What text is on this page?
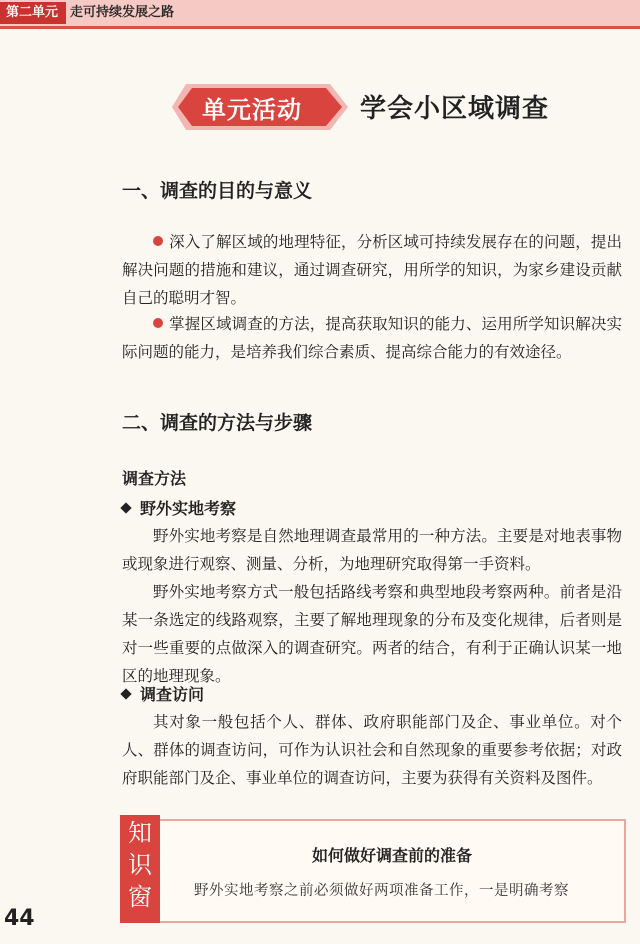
第二单元 走可持续发展之路
单元活动 学会小区域调查
一、调查的目的与意义
深入了解区域的地理特征，分析区域可持续发展存在的问题，提出解决问题的措施和建议，通过调查研究，用所学的知识，为家乡建设贡献自己的聪明才智。
掌握区域调查的方法，提高获取知识的能力、运用所学知识解决实际问题的能力，是培养我们综合素质、提高综合能力的有效途径。
二、调查的方法与步骤
调查方法
野外实地考察
野外实地考察是自然地理调查最常用的一种方法。主要是对地表事物或现象进行观察、测量、分析，为地理研究取得第一手资料。
野外实地考察方式一般包括路线考察和典型地段考察两种。前者是沿某一条选定的线路观察，主要了解地理现象的分布及变化规律，后者则是对一些重要的点做深入的调查研究。两者的结合，有利于正确认识某一地区的地理现象。
调查访问
其对象一般包括个人、群体、政府职能部门及企、事业单位。对个人、群体的调查访问，可作为认识社会和自然现象的重要参考依据；对政府职能部门及企、事业单位的调查访问，主要为获得有关资料及图件。
知
识
窗
如何做好调查前的准备
野外实地考察之前必须做好两项准备工作，一是明确考察
44
